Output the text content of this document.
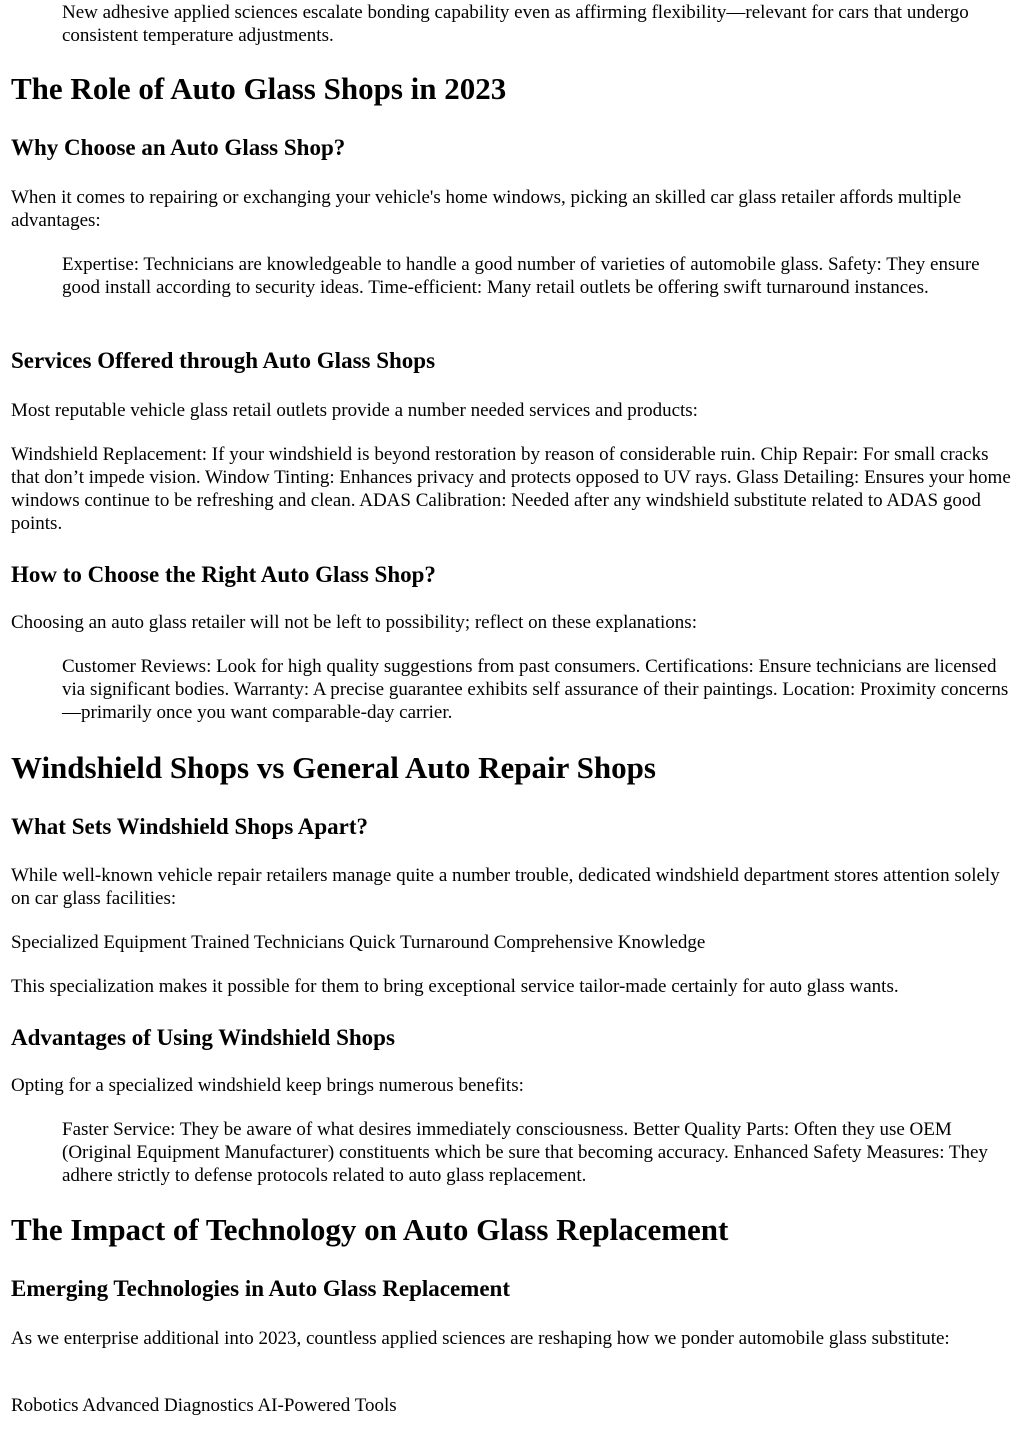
New adhesive applied sciences escalate bonding capability even as affirming flexibility—relevant for cars that undergo consistent temperature adjustments.

The Role of Auto Glass Shops in 2023
Why Choose an Auto Glass Shop?

When it comes to repairing or exchanging your vehicle's home windows, picking an skilled car glass retailer affords multiple advantages:

Expertise: Technicians are knowledgeable to handle a good number of varieties of automobile glass. Safety: They ensure good install according to security ideas. Time-efficient: Many retail outlets be offering swift turnaround instances.

Services Offered through Auto Glass Shops

Most reputable vehicle glass retail outlets provide a number needed services and products:

Windshield Replacement: If your windshield is beyond restoration by reason of considerable ruin. Chip Repair: For small cracks that don’t impede vision. Window Tinting: Enhances privacy and protects opposed to UV rays. Glass Detailing: Ensures your home windows continue to be refreshing and clean. ADAS Calibration: Needed after any windshield substitute related to ADAS good points.

How to Choose the Right Auto Glass Shop?

Choosing an auto glass retailer will not be left to possibility; reflect on these explanations:

Customer Reviews: Look for high quality suggestions from past consumers. Certifications: Ensure technicians are licensed via significant bodies. Warranty: A precise guarantee exhibits self assurance of their paintings. Location: Proximity concerns—primarily once you want comparable-day carrier.

Windshield Shops vs General Auto Repair Shops
What Sets Windshield Shops Apart?

While well-known vehicle repair retailers manage quite a number trouble, dedicated windshield department stores attention solely on car glass facilities:

Specialized Equipment Trained Technicians Quick Turnaround Comprehensive Knowledge

This specialization makes it possible for them to bring exceptional service tailor-made certainly for auto glass wants.

Advantages of Using Windshield Shops

Opting for a specialized windshield keep brings numerous benefits:

Faster Service: They be aware of what desires immediately consciousness. Better Quality Parts: Often they use OEM (Original Equipment Manufacturer) constituents which be sure that becoming accuracy. Enhanced Safety Measures: They adhere strictly to defense protocols related to auto glass replacement.

The Impact of Technology on Auto Glass Replacement
Emerging Technologies in Auto Glass Replacement

As we enterprise additional into 2023, countless applied sciences are reshaping how we ponder automobile glass substitute:

Robotics Advanced Diagnostics AI-Powered Tools
